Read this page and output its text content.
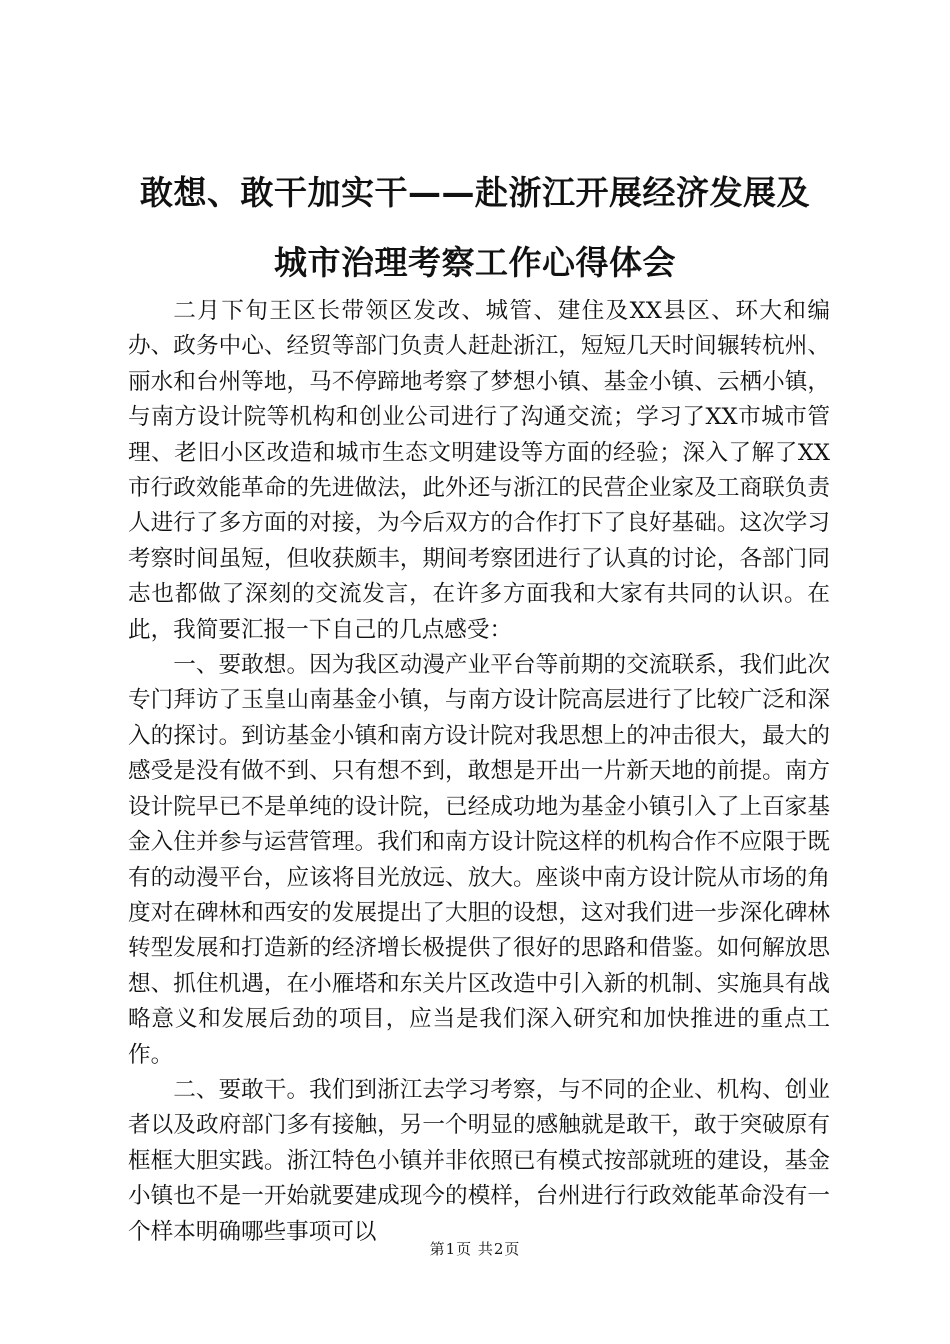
敢想、敢干加实干——赴浙江开展经济发展及
城市治理考察工作心得体会

二月下旬王区长带领区发改、城管、建住及XX县区、环大和编办、政务中心、经贸等部门负责人赶赴浙江，短短几天时间辗转杭州、丽水和台州等地，马不停蹄地考察了梦想小镇、基金小镇、云栖小镇，与南方设计院等机构和创业公司进行了沟通交流；学习了XX市城市管理、老旧小区改造和城市生态文明建设等方面的经验；深入了解了XX市行政效能革命的先进做法，此外还与浙江的民营企业家及工商联负责人进行了多方面的对接，为今后双方的合作打下了良好基础。这次学习考察时间虽短，但收获颇丰，期间考察团进行了认真的讨论，各部门同志也都做了深刻的交流发言，在许多方面我和大家有共同的认识。在此，我简要汇报一下自己的几点感受：

一、要敢想。因为我区动漫产业平台等前期的交流联系，我们此次专门拜访了玉皇山南基金小镇，与南方设计院高层进行了比较广泛和深入的探讨。到访基金小镇和南方设计院对我思想上的冲击很大，最大的感受是没有做不到、只有想不到，敢想是开出一片新天地的前提。南方设计院早已不是单纯的设计院，已经成功地为基金小镇引入了上百家基金入住并参与运营管理。我们和南方设计院这样的机构合作不应限于既有的动漫平台，应该将目光放远、放大。座谈中南方设计院从市场的角度对在碑林和西安的发展提出了大胆的设想，这对我们进一步深化碑林转型发展和打造新的经济增长极提供了很好的思路和借鉴。如何解放思想、抓住机遇，在小雁塔和东关片区改造中引入新的机制、实施具有战略意义和发展后劲的项目，应当是我们深入研究和加快推进的重点工作。

二、要敢干。我们到浙江去学习考察，与不同的企业、机构、创业者以及政府部门多有接触，另一个明显的感触就是敢干，敢于突破原有框框大胆实践。浙江特色小镇并非依照已有模式按部就班的建设，基金小镇也不是一开始就要建成现今的模样，台州进行行政效能革命没有一个样本明确哪些事项可以

第1页 共2页
